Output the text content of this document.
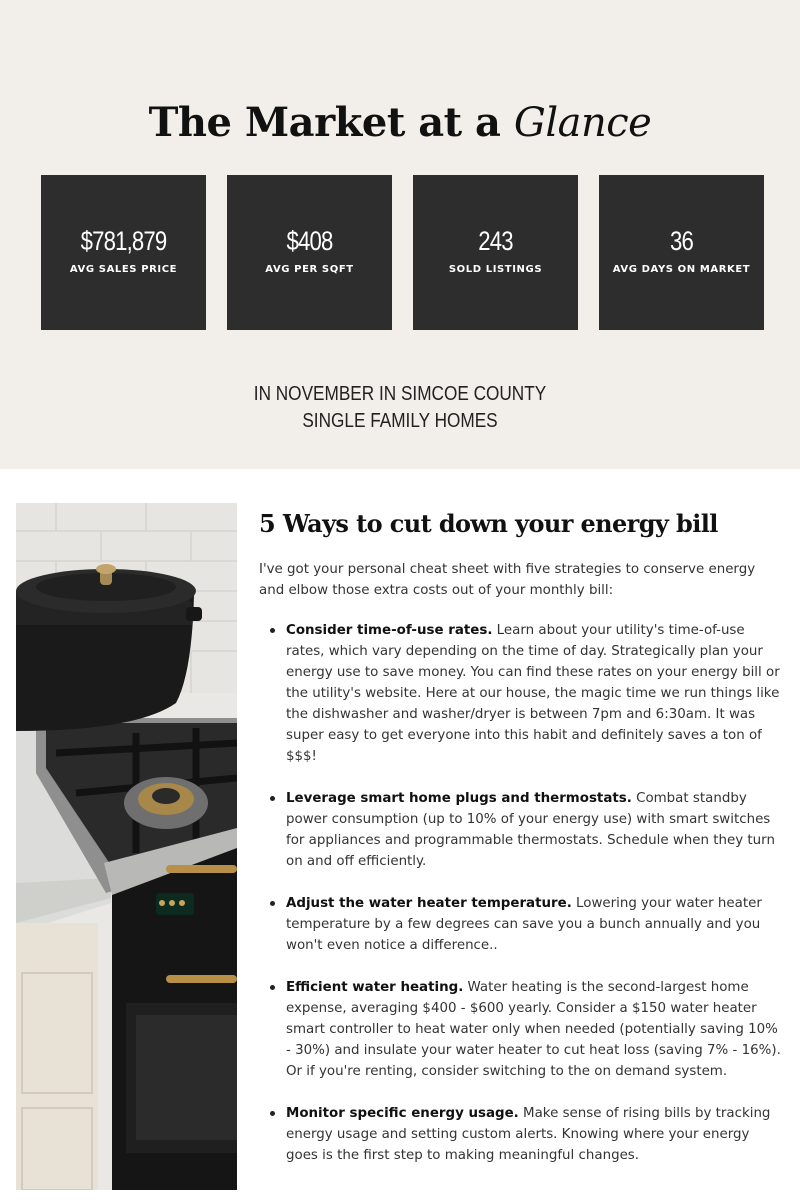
The Market at a Glance
$781,879
AVG SALES PRICE
$408
AVG PER SQFT
243
SOLD LISTINGS
36
AVG DAYS ON MARKET
IN NOVEMBER IN SIMCOE COUNTY
SINGLE FAMILY HOMES
5 Ways to cut down your energy bill

I've got your personal cheat sheet with five strategies to conserve energy and elbow those extra costs out of your monthly bill:

Consider time-of-use rates. Learn about your utility's time-of-use rates, which vary depending on the time of day. Strategically plan your energy use to save money. You can find these rates on your energy bill or the utility's website. Here at our house, the magic time we run things like the dishwasher and washer/dryer is between 7pm and 6:30am. It was super easy to get everyone into this habit and definitely saves a ton of $$$!
Leverage smart home plugs and thermostats. Combat standby power consumption (up to 10% of your energy use) with smart switches for appliances and programmable thermostats. Schedule when they turn on and off efficiently.
Adjust the water heater temperature. Lowering your water heater temperature by a few degrees can save you a bunch annually and you won't even notice a difference..
Efficient water heating. Water heating is the second-largest home expense, averaging $400 - $600 yearly. Consider a $150 water heater smart controller to heat water only when needed (potentially saving 10% - 30%) and insulate your water heater to cut heat loss (saving 7% - 16%). Or if you're renting, consider switching to the on demand system.
Monitor specific energy usage. Make sense of rising bills by tracking energy usage and setting custom alerts. Knowing where your energy goes is the first step to making meaningful changes.
